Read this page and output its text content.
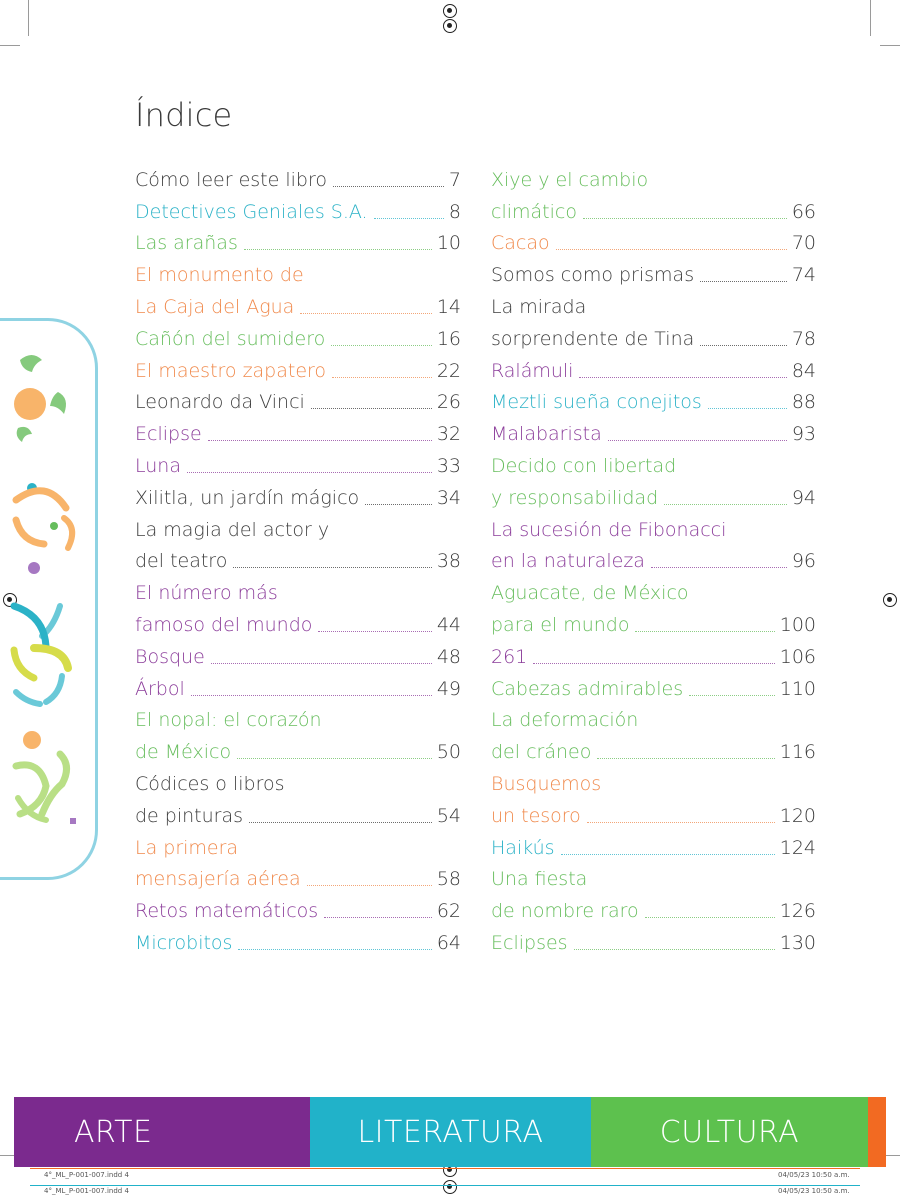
Índice
Cómo leer este libro	7
Detectives Geniales S.A.	8
Las arañas	10
El monumento de
La Caja del Agua	14
Cañón del sumidero	16
El maestro zapatero	22
Leonardo da Vinci	26
Eclipse	32
Luna	33
Xilitla, un jardín mágico	34
La magia del actor y
del teatro	38
El número más
famoso del mundo	44
Bosque	48
Árbol	49
El nopal: el corazón
de México	50
Códices o libros
de pinturas	54
La primera
mensajería aérea	58
Retos matemáticos	62
Microbitos	64
Xiye y el cambio
climático	66
Cacao	70
Somos como prismas	74
La mirada
sorprendente de Tina	78
Ralámuli	84
Meztli sueña conejitos	88
Malabarista	93
Decido con libertad
y responsabilidad	94
La sucesión de Fibonacci
en la naturaleza	96
Aguacate, de México
para el mundo	100
261	106
Cabezas admirables	110
La deformación
del cráneo	116
Busquemos
un tesoro	120
Haikús	124
Una fiesta
de nombre raro	126
Eclipses	130
ARTE	LITERATURA	CULTURA
4°_ML_P-001-007.indd 4	04/05/23 10:50 a.m.
4°_ML_P-001-007.indd 4	04/05/23 10:50 a.m.
